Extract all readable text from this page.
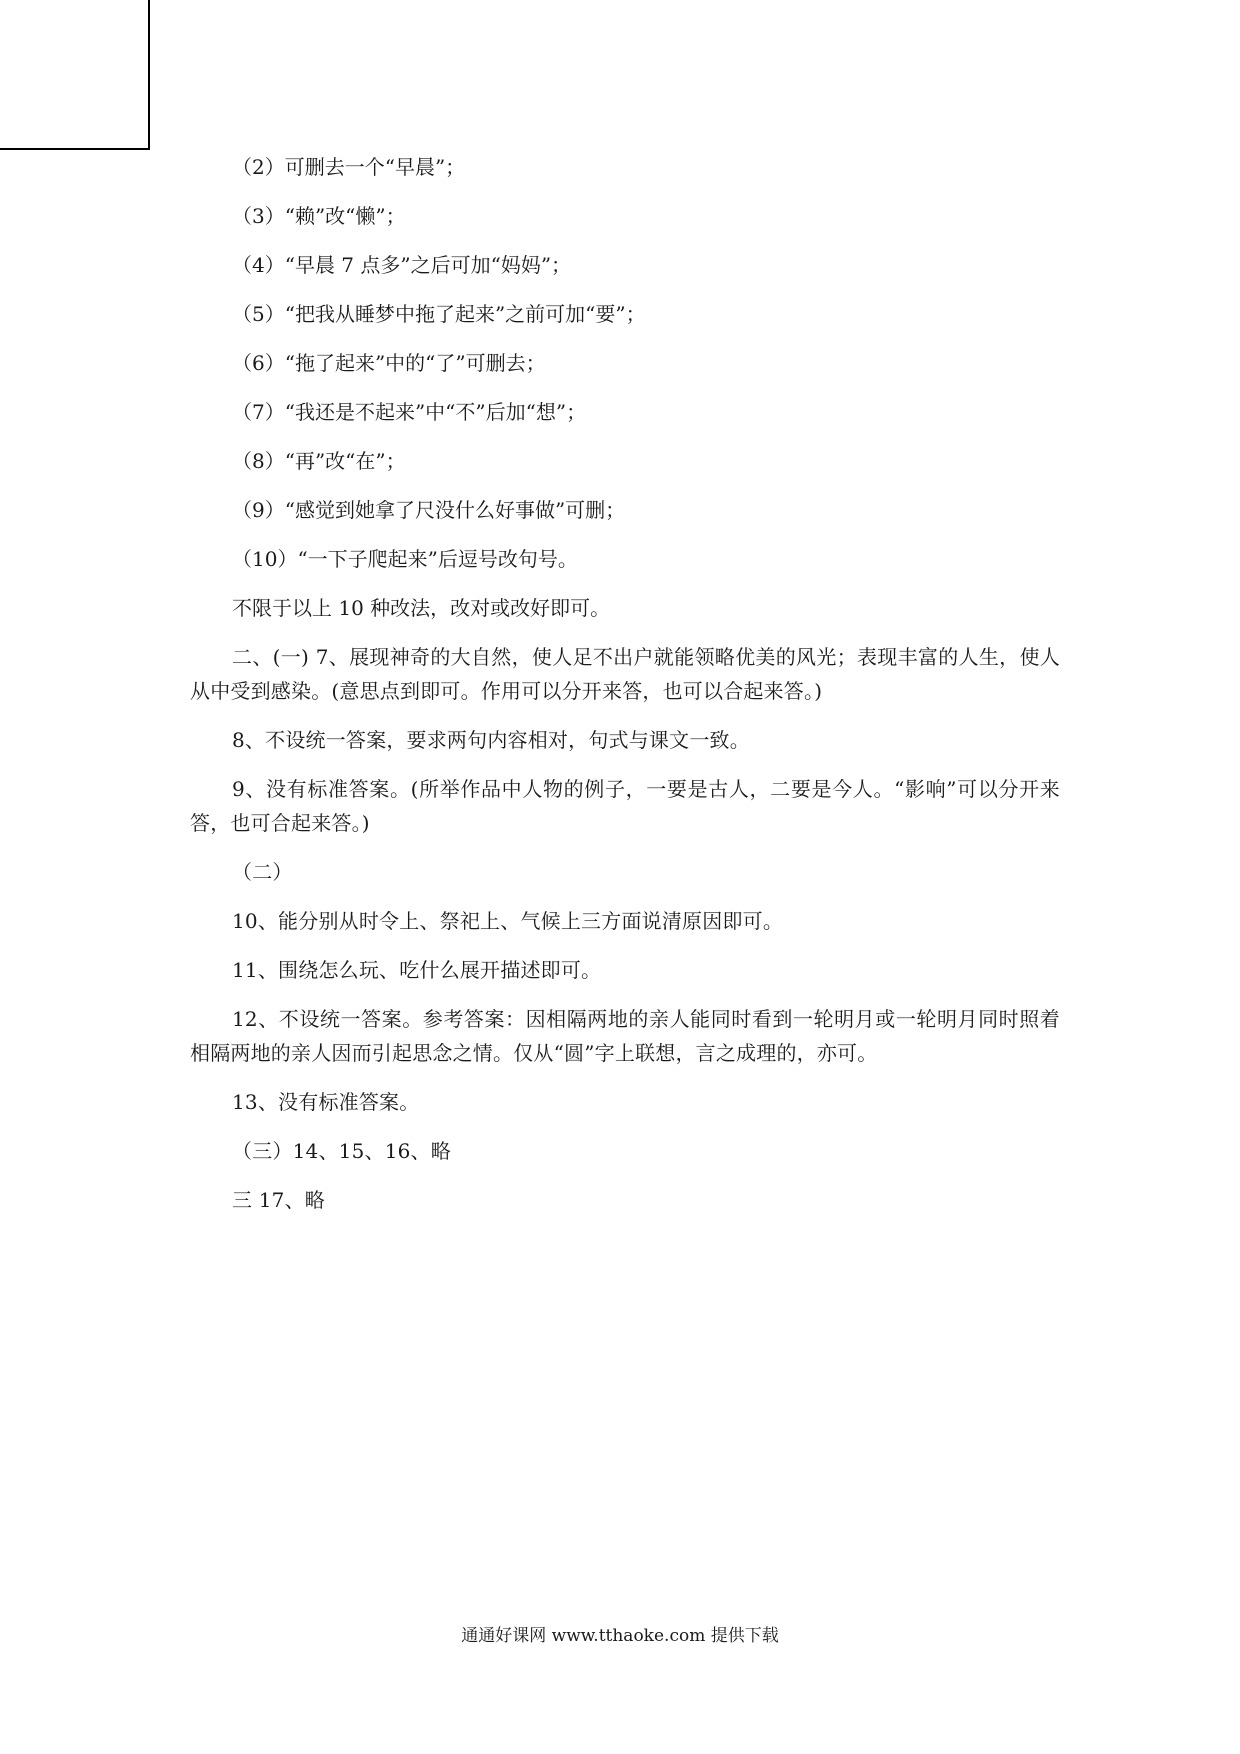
（2）可删去一个“早晨”；
（3）“赖”改“懒”；
（4）“早晨 7 点多”之后可加“妈妈”；
（5）“把我从睡梦中拖了起来”之前可加“要”；
（6）“拖了起来”中的“了”可删去；
（7）“我还是不起来”中“不”后加“想”；
（8）“再”改“在”；
（9）“感觉到她拿了尺没什么好事做”可删；
（10）“一下子爬起来”后逗号改句号。
不限于以上 10 种改法，改对或改好即可。
二、(一) 7、展现神奇的大自然，使人足不出户就能领略优美的风光；表现丰富的人生，使人从中受到感染。(意思点到即可。作用可以分开来答，也可以合起来答。)
8、不设统一答案，要求两句内容相对，句式与课文一致。
9、没有标准答案。(所举作品中人物的例子，一要是古人，二要是今人。“影响”可以分开来答，也可合起来答。)
（二）
10、能分别从时令上、祭祀上、气候上三方面说清原因即可。
11、围绕怎么玩、吃什么展开描述即可。
12、不设统一答案。参考答案：因相隔两地的亲人能同时看到一轮明月或一轮明月同时照着相隔两地的亲人因而引起思念之情。仅从“圆”字上联想，言之成理的，亦可。
13、没有标准答案。
（三）14、15、16、略
三 17、略
通通好课网 www.tthaoke.com 提供下载
